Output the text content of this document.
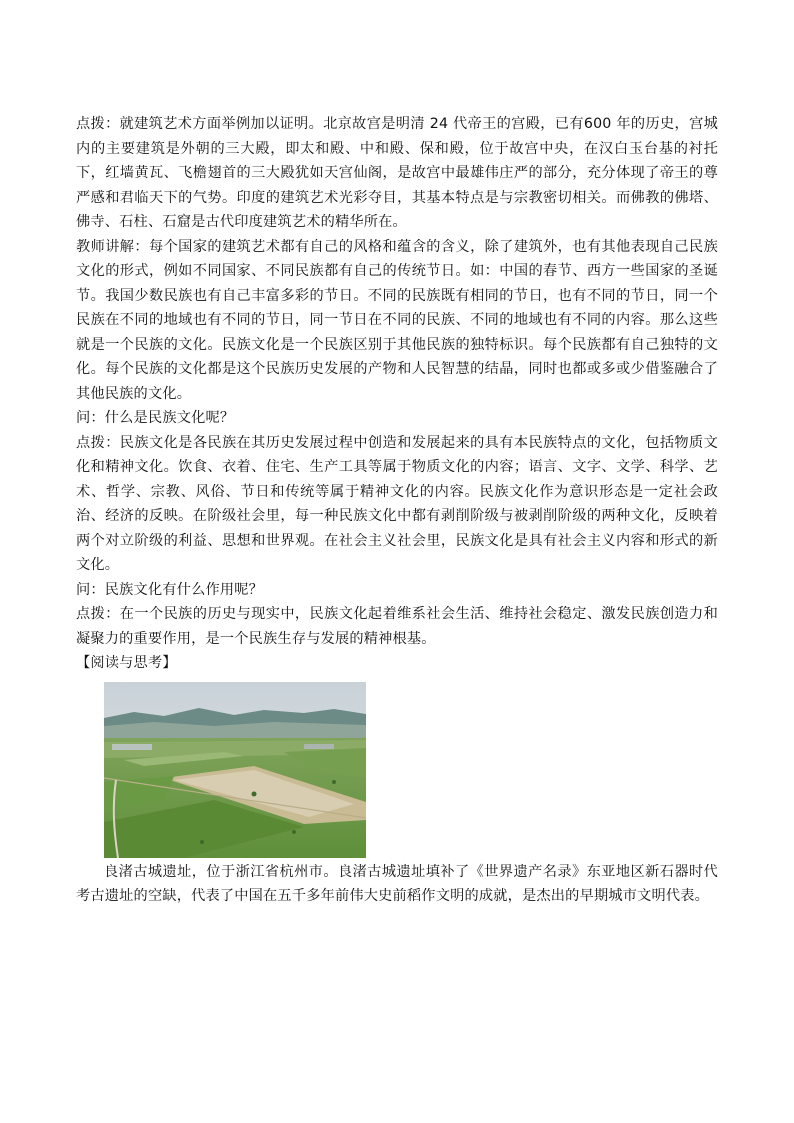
点拨：就建筑艺术方面举例加以证明。北京故宫是明清 24 代帝王的宫殿，已有600 年的历史，宫城内的主要建筑是外朝的三大殿，即太和殿、中和殿、保和殿，位于故宫中央，在汉白玉台基的衬托下，红墙黄瓦、飞檐翅首的三大殿犹如天宫仙阁，是故宫中最雄伟庄严的部分，充分体现了帝王的尊严感和君临天下的气势。印度的建筑艺术光彩夺目，其基本特点是与宗教密切相关。而佛教的佛塔、佛寺、石柱、石窟是古代印度建筑艺术的精华所在。

教师讲解：每个国家的建筑艺术都有自己的风格和蕴含的含义，除了建筑外，也有其他表现自己民族文化的形式，例如不同国家、不同民族都有自己的传统节日。如：中国的春节、西方一些国家的圣诞节。我国少数民族也有自己丰富多彩的节日。不同的民族既有相同的节日，也有不同的节日，同一个民族在不同的地域也有不同的节日，同一节日在不同的民族、不同的地域也有不同的内容。那么这些就是一个民族的文化。民族文化是一个民族区别于其他民族的独特标识。每个民族都有自己独特的文化。每个民族的文化都是这个民族历史发展的产物和人民智慧的结晶，同时也都或多或少借鉴融合了其他民族的文化。

问：什么是民族文化呢？

点拨：民族文化是各民族在其历史发展过程中创造和发展起来的具有本民族特点的文化，包括物质文化和精神文化。饮食、衣着、住宅、生产工具等属于物质文化的内容；语言、文字、文学、科学、艺术、哲学、宗教、风俗、节日和传统等属于精神文化的内容。民族文化作为意识形态是一定社会政治、经济的反映。在阶级社会里，每一种民族文化中都有剥削阶级与被剥削阶级的两种文化，反映着两个对立阶级的利益、思想和世界观。在社会主义社会里，民族文化是具有社会主义内容和形式的新文化。

问：民族文化有什么作用呢？

点拨：在一个民族的历史与现实中，民族文化起着维系社会生活、维持社会稳定、激发民族创造力和凝聚力的重要作用，是一个民族生存与发展的精神根基。

【阅读与思考】

良渚古城遗址，位于浙江省杭州市。良渚古城遗址填补了《世界遗产名录》东亚地区新石器时代考古遗址的空缺，代表了中国在五千多年前伟大史前稻作文明的成就，是杰出的早期城市文明代表。
